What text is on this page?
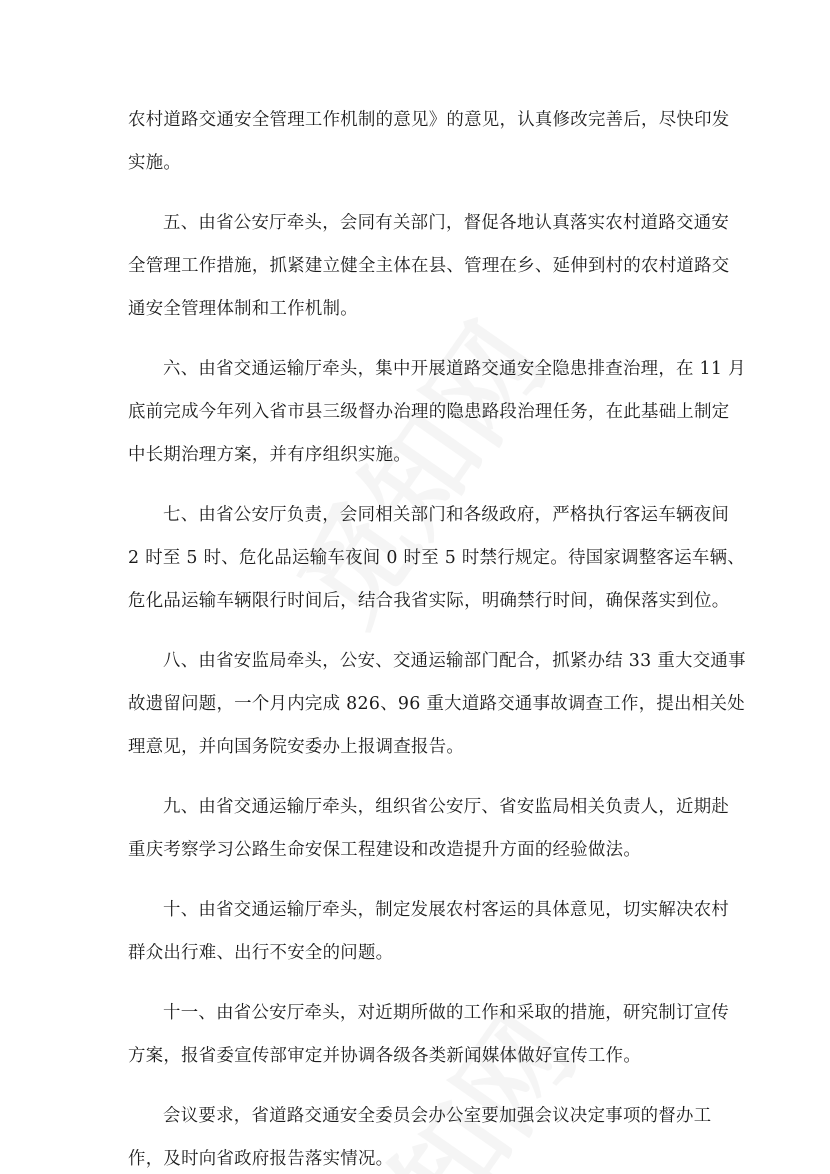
农村道路交通安全管理工作机制的意见》的意见，认真修改完善后，尽快印发
实施。

五、由省公安厅牵头，会同有关部门，督促各地认真落实农村道路交通安
全管理工作措施，抓紧建立健全主体在县、管理在乡、延伸到村的农村道路交
通安全管理体制和工作机制。

六、由省交通运输厅牵头，集中开展道路交通安全隐患排查治理，在 11 月
底前完成今年列入省市县三级督办治理的隐患路段治理任务，在此基础上制定
中长期治理方案，并有序组织实施。

七、由省公安厅负责，会同相关部门和各级政府，严格执行客运车辆夜间
2 时至 5 时、危化品运输车夜间 0 时至 5 时禁行规定。待国家调整客运车辆、
危化品运输车辆限行时间后，结合我省实际，明确禁行时间，确保落实到位。

八、由省安监局牵头，公安、交通运输部门配合，抓紧办结 33 重大交通事
故遗留问题，一个月内完成 826、96 重大道路交通事故调查工作，提出相关处
理意见，并向国务院安委办上报调查报告。

九、由省交通运输厅牵头，组织省公安厅、省安监局相关负责人，近期赴
重庆考察学习公路生命安保工程建设和改造提升方面的经验做法。

十、由省交通运输厅牵头，制定发展农村客运的具体意见，切实解决农村
群众出行难、出行不安全的问题。

十一、由省公安厅牵头，对近期所做的工作和采取的措施，研究制订宣传
方案，报省委宣传部审定并协调各级各类新闻媒体做好宣传工作。

会议要求，省道路交通安全委员会办公室要加强会议决定事项的督办工
作，及时向省政府报告落实情况。
